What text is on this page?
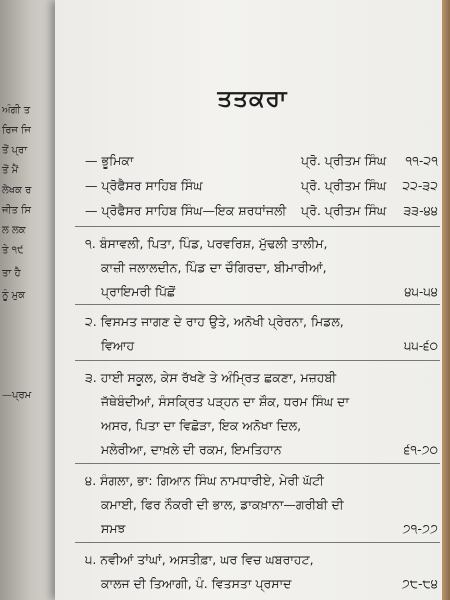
ਅੰਗੀ ਤ
ਰਿਜ ਜਿ
ਤੋਂ ਪ੍ਰਾ
ਤੋਂ ਮੈਂ
ਲੇਖਕ ਰ
ਜੀਤ ਸਿ
ਲ ਲਕ
ਤੇ ੧੯
ਤਾ ਹੈ
ਨੂੰ ਮੁਕ
—ਪ੍ਰਮ
ਤਤਕਰਾ
— ਭੂਮਿਕਾ	ਪ੍ਰੋ. ਪ੍ਰੀਤਮ ਸਿੰਘ ੧੧-੨੧
— ਪ੍ਰੋਫੈਸਰ ਸਾਹਿਬ ਸਿੰਘ	ਪ੍ਰੋ. ਪ੍ਰੀਤਮ ਸਿੰਘ ੨੨-੩੨
— ਪ੍ਰੋਫੈਸਰ ਸਾਹਿਬ ਸਿੰਘ—ਇਕ ਸ਼ਰਧਾਂਜਲੀ ਪ੍ਰੋ. ਪ੍ਰੀਤਮ ਸਿੰਘ ੩੩-੪੪
੧. ਬੰਸਾਵਲੀ, ਪਿਤਾ, ਪਿੰਡ, ਪਰਵਰਿਸ਼, ਮੁੱਢਲੀ ਤਾਲੀਮ,
ਕਾਜ਼ੀ ਜਲਾਲਦੀਨ, ਪਿੰਡ ਦਾ ਚੌਗਿਰਦਾ, ਬੀਮਾਰੀਆਂ,
ਪ੍ਰਾਇਮਰੀ ਪਿੱਛੋਂ	੪੫-੫੪
੨. ਵਿਸਮਤ ਜਾਗਣ ਦੇ ਰਾਹ ਉਤੇ, ਅਨੋਖੀ ਪ੍ਰੇਰਨਾ, ਮਿਡਲ,
ਵਿਆਹ	੫੫-੬੦
੩. ਹਾਈ ਸਕੂਲ, ਕੇਸ ਰੱਖਣੇ ਤੇ ਅੰਮ੍ਰਿਤ ਛਕਣਾ, ਮਜ਼ਹਬੀ
ਜੱਥੇਬੰਦੀਆਂ, ਸੰਸਕ੍ਰਿਤ ਪੜ੍ਹਨ ਦਾ ਸ਼ੌਕ, ਧਰਮ ਸਿੰਘ ਦਾ
ਅਸਰ, ਪਿਤਾ ਦਾ ਵਿਛੋੜਾ, ਇਕ ਅਨੋਖਾ ਦਿਲ,
ਮਲੇਰੀਆ, ਦਾਖ਼ਲੇ ਦੀ ਰਕਮ, ਇਮਤਿਹਾਨ	੬੧-੭੦
੪. ਸੰਗਲਾ, ਭਾ: ਗਿਆਨ ਸਿੰਘ ਨਾਮਧਾਰੀਏ, ਮੇਰੀ ਘੱਟੀ
ਕਮਾਈ, ਫਿਰ ਨੌਕਰੀ ਦੀ ਭਾਲ, ਡਾਕਖ਼ਾਨਾ—ਗਰੀਬੀ ਦੀ
ਸਮਝ	੭੧-੭੭
੫. ਨਵੀਆਂ ਤਾਂਘਾਂ, ਅਸਤੀਫ਼ਾ, ਘਰ ਵਿਚ ਘਬਰਾਹਟ,
ਕਾਲਜ ਦੀ ਤਿਆਗੀ, ਪੰ. ਵਿਤਸਤਾ ਪ੍ਰਸਾਦ	੭੮-੮੪
